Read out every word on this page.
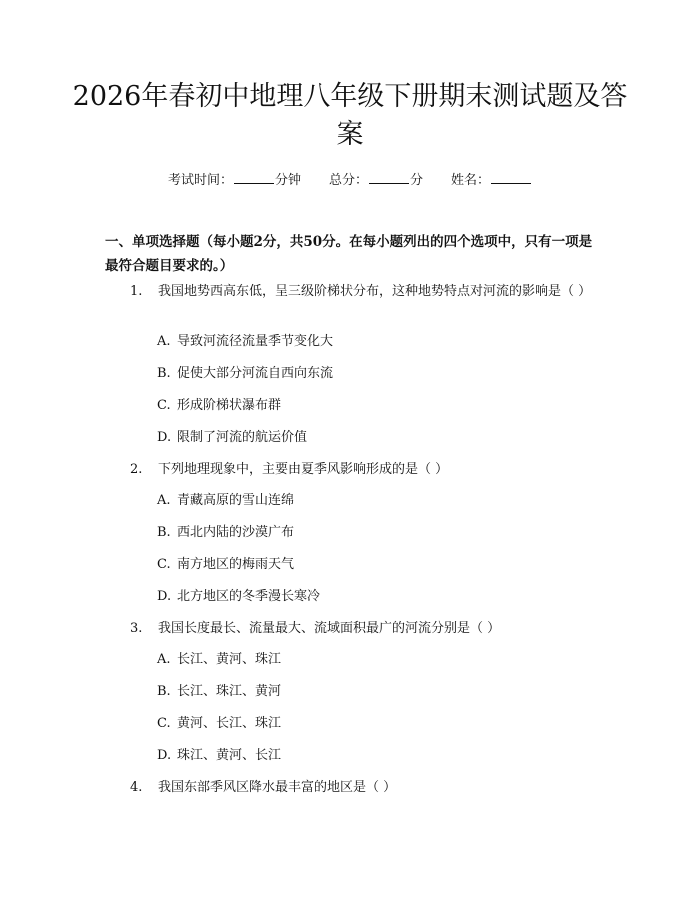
2026年春初中地理八年级下册期末测试题及答案
考试时间：	分钟 总分：	分 姓名：

一、单项选择题（每小题2分，共50分。在每小题列出的四个选项中，只有一项是最符合题目要求的。）

1. 我国地势西高东低，呈三级阶梯状分布，这种地势特点对河流的影响是（ ）
A. 导致河流径流量季节变化大
B. 促使大部分河流自西向东流
C. 形成阶梯状瀑布群
D. 限制了河流的航运价值
2. 下列地理现象中，主要由夏季风影响形成的是（ ）
A. 青藏高原的雪山连绵
B. 西北内陆的沙漠广布
C. 南方地区的梅雨天气
D. 北方地区的冬季漫长寒冷
3. 我国长度最长、流量最大、流域面积最广的河流分别是（ ）
A. 长江、黄河、珠江
B. 长江、珠江、黄河
C. 黄河、长江、珠江
D. 珠江、黄河、长江
4. 我国东部季风区降水最丰富的地区是（ ）
